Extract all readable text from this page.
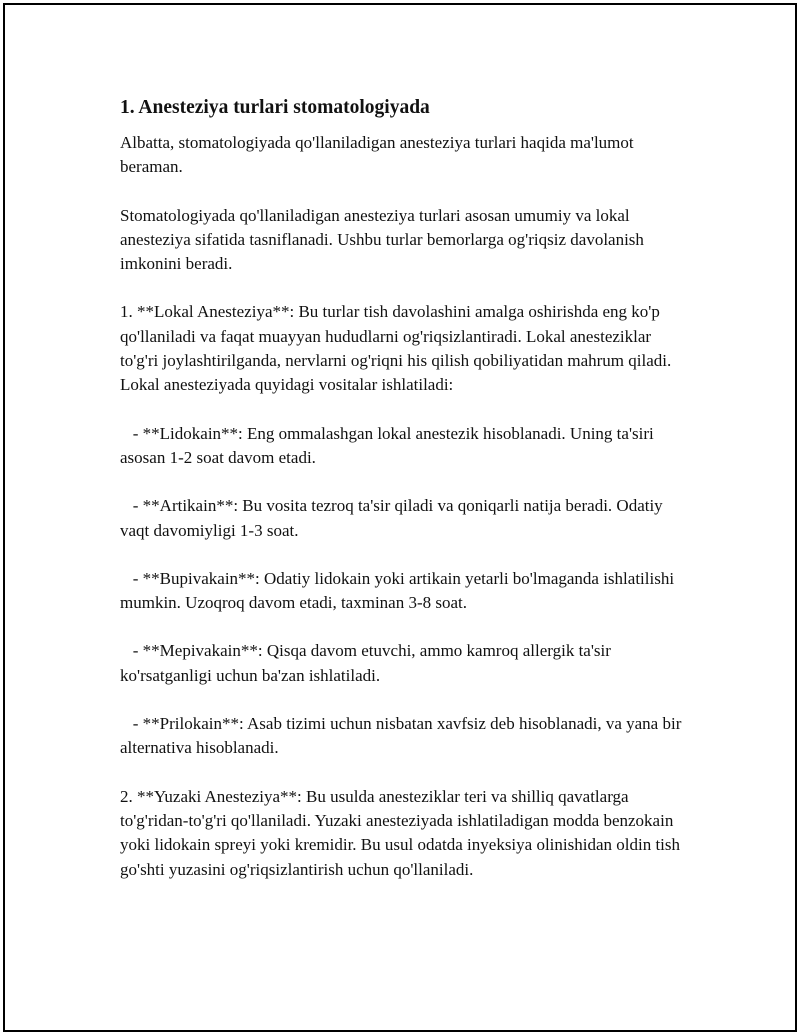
1. Anesteziya turlari stomatologiyada
Albatta, stomatologiyada qo'llaniladigan anesteziya turlari haqida ma'lumot beraman.
Stomatologiyada qo'llaniladigan anesteziya turlari asosan umumiy va lokal anesteziya sifatida tasniflanadi. Ushbu turlar bemorlarga og'riqsiz davolanish imkonini beradi.
1. **Lokal Anesteziya**: Bu turlar tish davolashini amalga oshirishda eng ko'p qo'llaniladi va faqat muayyan hududlarni og'riqsizlantiradi. Lokal anesteziklar to'g'ri joylashtirilganda, nervlarni og'riqni his qilish qobiliyatidan mahrum qiladi. Lokal anesteziyada quyidagi vositalar ishlatiladi:
- **Lidokain**: Eng ommalashgan lokal anestezik hisoblanadi. Uning ta'siri asosan 1-2 soat davom etadi.
- **Artikain**: Bu vosita tezroq ta'sir qiladi va qoniqarli natija beradi. Odatiy vaqt davomiyligi 1-3 soat.
- **Bupivakain**: Odatiy lidokain yoki artikain yetarli bo'lmaganda ishlatilishi mumkin. Uzoqroq davom etadi, taxminan 3-8 soat.
- **Mepivakain**: Qisqa davom etuvchi, ammo kamroq allergik ta'sir ko'rsatganligi uchun ba'zan ishlatiladi.
- **Prilokain**: Asab tizimi uchun nisbatan xavfsiz deb hisoblanadi, va yana bir alternativa hisoblanadi.
2. **Yuzaki Anesteziya**: Bu usulda anesteziklar teri va shilliq qavatlarga to'g'ridan-to'g'ri qo'llaniladi. Yuzaki anesteziyada ishlatiladigan modda benzokain yoki lidokain spreyi yoki kremidir. Bu usul odatda inyeksiya olinishidan oldin tish go'shti yuzasini og'riqsizlantirish uchun qo'llaniladi.
